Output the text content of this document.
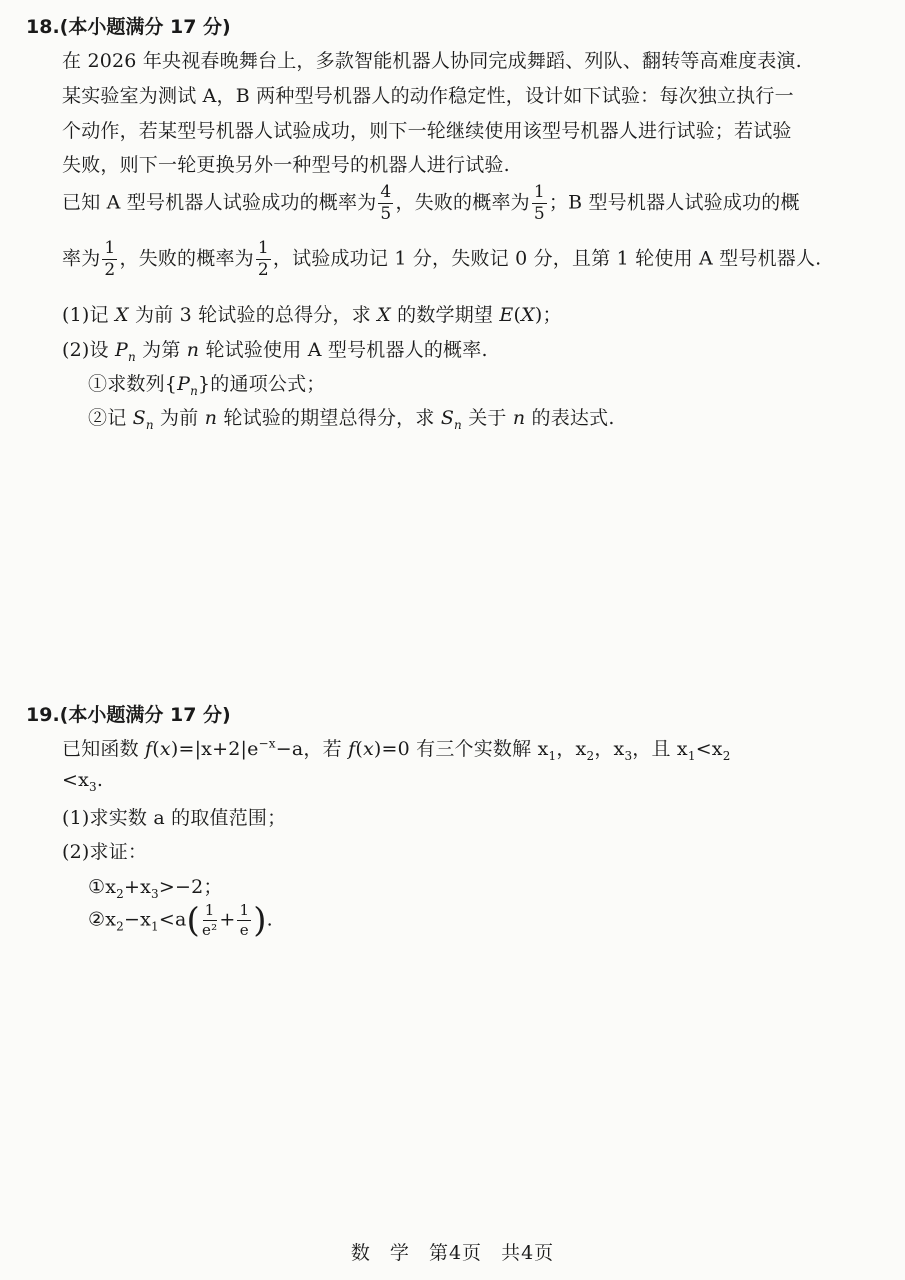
18.(本小题满分 17 分)
在 2026 年央视春晚舞台上，多款智能机器人协同完成舞蹈、列队、翻转等高难度表演.
某实验室为测试 A，B 两种型号机器人的动作稳定性，设计如下试验：每次独立执行一
个动作，若某型号机器人试验成功，则下一轮继续使用该型号机器人进行试验；若试验
失败，则下一轮更换另外一种型号的机器人进行试验.
已知 A 型号机器人试验成功的概率为 $\frac{4}{5}$ ，失败的概率为 $\frac{1}{5}$ ；B 型号机器人试验成功的概
率为 $\frac{1}{2}$ ，失败的概率为 $\frac{1}{2}$ ，试验成功记 1 分，失败记 0 分，且第 1 轮使用 A 型号机器人.
(1)记 X 为前 3 轮试验的总得分，求 X 的数学期望 E(X)；
(2)设 $P_n$ 为第 n 轮试验使用 A 型号机器人的概率.
①求数列$\{P_n\}$的通项公式；
②记 $S_n$ 为前 n 轮试验的期望总得分，求 $S_n$ 关于 n 的表达式.
19.(本小题满分 17 分)
已知函数 $f(x)=|x+2|e^{-x}-a$，若 f(x)=0 有三个实数解 $x_1$，$x_2$，$x_3$，且 $x_1<x_2$
$<x_3$.
(1)求实数 a 的取值范围；
(2)求证：
$①x_2+x_3>-2$；
$②x_2-x_1<a( \frac{1}{\text{e²}} + \frac{1}{e}$ ).
数 学 第4页 共4页
